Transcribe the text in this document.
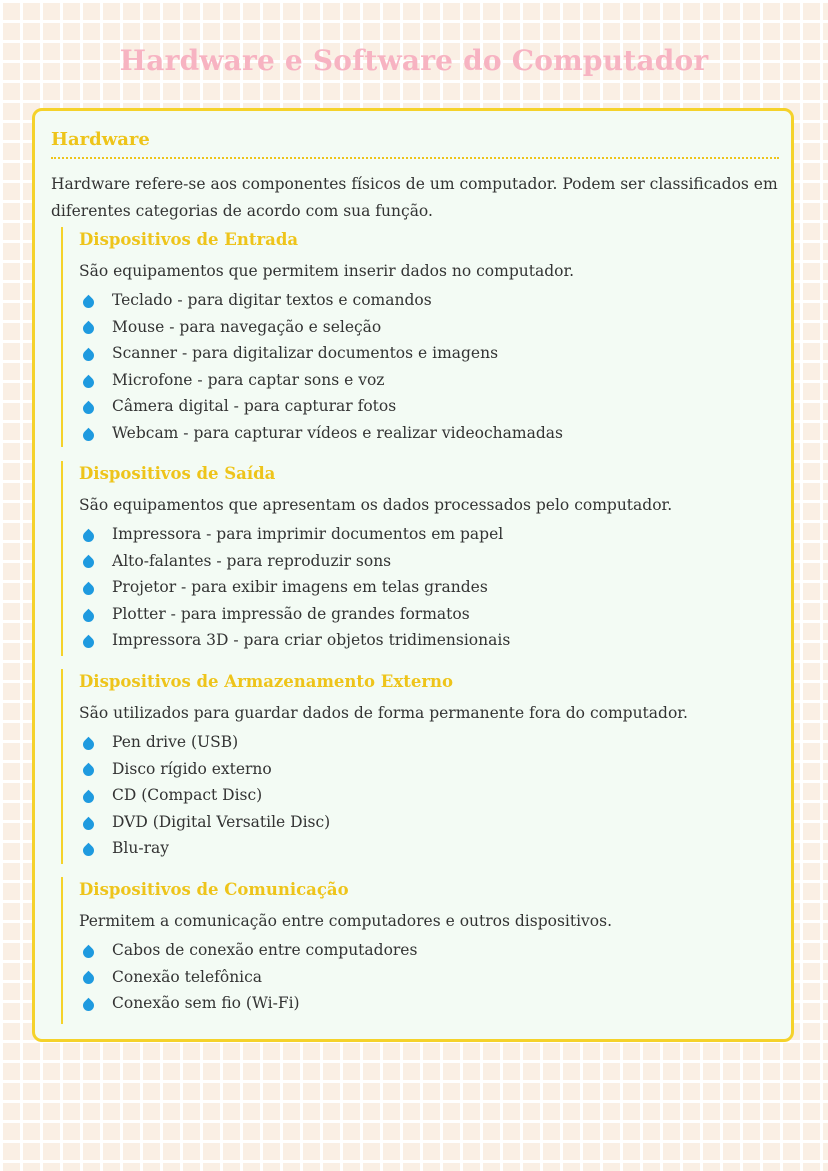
Hardware e Software do Computador
Hardware

Hardware refere-se aos componentes físicos de um computador. Podem ser classificados em diferentes categorias de acordo com sua função.

Dispositivos de Entrada

São equipamentos que permitem inserir dados no computador.

Teclado - para digitar textos e comandos
Mouse - para navegação e seleção
Scanner - para digitalizar documentos e imagens
Microfone - para captar sons e voz
Câmera digital - para capturar fotos
Webcam - para capturar vídeos e realizar videochamadas
Dispositivos de Saída

São equipamentos que apresentam os dados processados pelo computador.

Impressora - para imprimir documentos em papel
Alto-falantes - para reproduzir sons
Projetor - para exibir imagens em telas grandes
Plotter - para impressão de grandes formatos
Impressora 3D - para criar objetos tridimensionais
Dispositivos de Armazenamento Externo

São utilizados para guardar dados de forma permanente fora do computador.

Pen drive (USB)
Disco rígido externo
CD (Compact Disc)
DVD (Digital Versatile Disc)
Blu-ray
Dispositivos de Comunicação

Permitem a comunicação entre computadores e outros dispositivos.

Cabos de conexão entre computadores
Conexão telefônica
Conexão sem fio (Wi-Fi)
